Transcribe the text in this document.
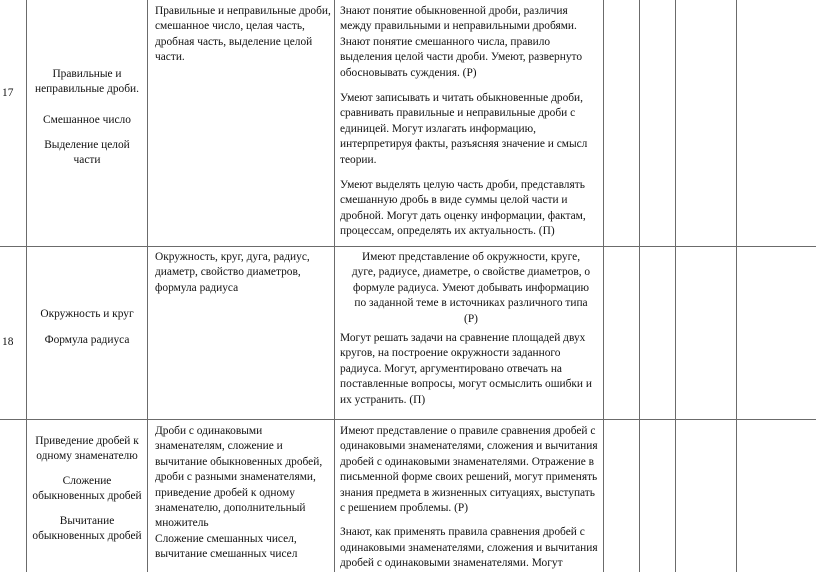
17
Правильные и
неправильные дроби.
Смешанное число
Выделение целой
части
Правильные и неправильные дроби,
смешанное число, целая часть,
дробная часть, выделение целой
части.
Знают понятие обыкновенной дроби, различия
между правильными и неправильными дробями.
Знают понятие смешанного числа, правило
выделения целой части дроби. Умеют, развернуто
обосновывать суждения. (Р)
Умеют записывать и читать обыкновенные дроби,
сравнивать правильные и неправильные дроби с
единицей. Могут излагать информацию,
интерпретируя факты, разъясняя значение и смысл
теории.
Умеют выделять целую часть дроби, представлять
смешанную дробь в виде суммы целой части и
дробной. Могут дать оценку информации, фактам,
процессам, определять их актуальность. (П)
18
Окружность и круг
Формула радиуса
Окружность, круг, дуга, радиус,
диаметр, свойство диаметров,
формула радиуса
Имеют представление об окружности, круге,
дуге, радиусе, диаметре, о свойстве диаметров, о
формуле радиуса. Умеют добывать информацию
по заданной теме в источниках различного типа
(Р)
Могут решать задачи на сравнение площадей двух
кругов, на построение окружности заданного
радиуса. Могут, аргументировано отвечать на
поставленные вопросы, могут осмыслить ошибки и
их устранить. (П)
Приведение дробей к
одному знаменателю
Сложение
обыкновенных дробей
Вычитание
обыкновенных дробей
Дроби с одинаковыми
знаменателям, сложение и
вычитание обыкновенных дробей,
дроби с разными знаменателями,
приведение дробей к одному
знаменателю, дополнительный
множитель
Сложение смешанных чисел,
вычитание смешанных чисел
Имеют представление о правиле сравнения дробей с
одинаковыми знаменателями, сложения и вычитания
дробей с одинаковыми знаменателями. Отражение в
письменной форме своих решений, могут применять
знания предмета в жизненных ситуациях, выступать
с решением проблемы. (Р)
Знают, как применять правила сравнения дробей с
одинаковыми знаменателями, сложения и вычитания
дробей с одинаковыми знаменателями. Могут
